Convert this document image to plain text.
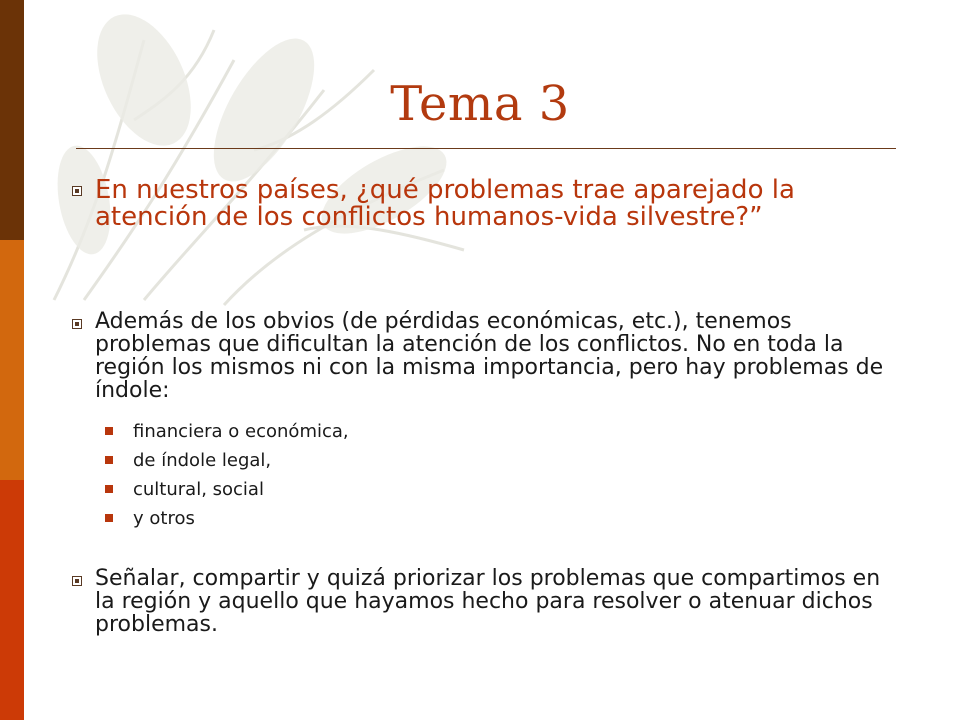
Tema 3
En nuestros países, ¿qué problemas trae aparejado la atención de los conflictos humanos-vida silvestre?”
Además de los obvios (de pérdidas económicas, etc.), tenemos problemas que dificultan la atención de los conflictos. No en toda la región los mismos ni con la misma importancia, pero hay problemas de índole:
financiera o económica,
de índole legal,
cultural, social
y otros
Señalar, compartir y quizá priorizar los problemas que compartimos en la región y aquello que hayamos hecho para resolver o atenuar dichos problemas.
